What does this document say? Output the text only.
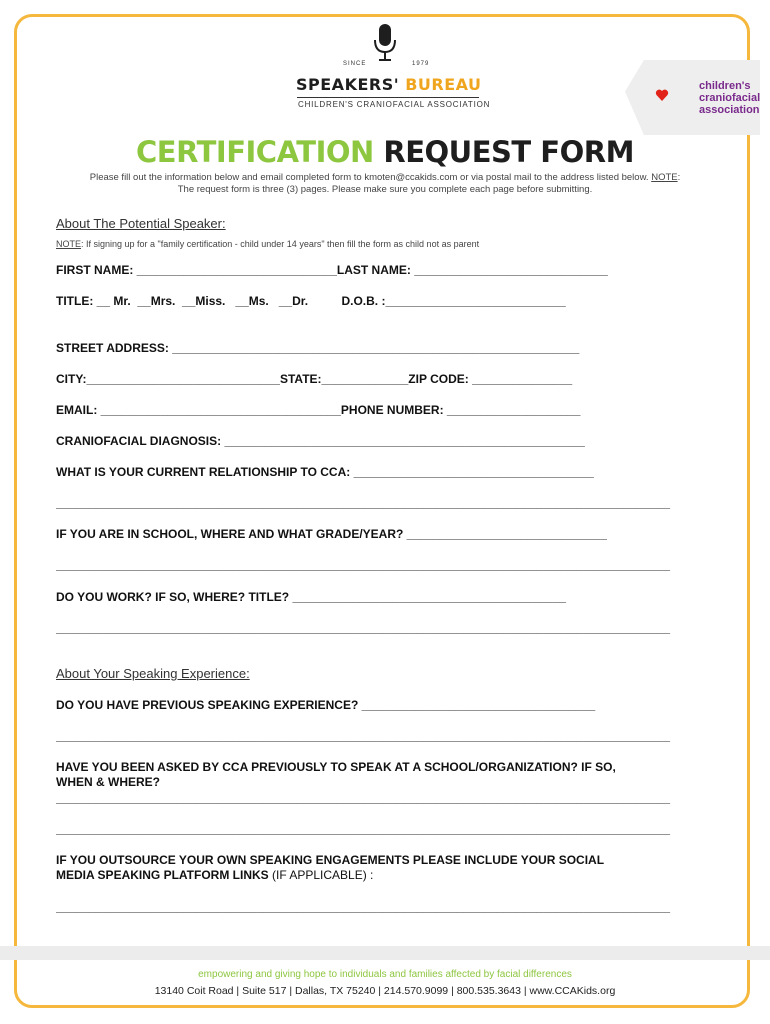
SINCE	1979
SPEAKERS' BUREAU
CHILDREN'S CRANIOFACIAL ASSOCIATION
children's
craniofacial
association
CERTIFICATION REQUEST FORM
Please fill out the information below and email completed form to kmoten@ccakids.com or via postal mail to the address listed below. NOTE:
The request form is three (3) pages. Please make sure you complete each page before submitting.
About The Potential Speaker:
NOTE: If signing up for a "family certification - child under 14 years" then fill the form as child not as parent
FIRST NAME: ______________________________LAST NAME: _____________________________
TITLE: __ Mr.  __Mrs.  __Miss.   __Ms.   __Dr.          D.O.B. :___________________________
STREET ADDRESS: _____________________________________________________________
CITY:_____________________________STATE:_____________ZIP CODE: _______________
EMAIL: ____________________________________PHONE NUMBER: ____________________
CRANIOFACIAL DIAGNOSIS: ______________________________________________________
WHAT IS YOUR CURRENT RELATIONSHIP TO CCA: ____________________________________
____________________________________________________________________________________________
IF YOU ARE IN SCHOOL, WHERE AND WHAT GRADE/YEAR? ______________________________
____________________________________________________________________________________________
DO YOU WORK? IF SO, WHERE? TITLE? _________________________________________
____________________________________________________________________________________________
About Your Speaking Experience:
DO YOU HAVE PREVIOUS SPEAKING EXPERIENCE? ___________________________________
____________________________________________________________________________________________
HAVE YOU BEEN ASKED BY CCA PREVIOUSLY TO SPEAK AT A SCHOOL/ORGANIZATION? IF SO,
WHEN & WHERE?
____________________________________________________________________________________________
____________________________________________________________________________________________
IF YOU OUTSOURCE YOUR OWN SPEAKING ENGAGEMENTS PLEASE INCLUDE YOUR SOCIAL
MEDIA SPEAKING PLATFORM LINKS (IF APPLICABLE) :
____________________________________________________________________________________________
empowering and giving hope to individuals and families affected by facial differences
13140 Coit Road | Suite 517 | Dallas, TX 75240 | 214.570.9099 | 800.535.3643 | www.CCAKids.org
